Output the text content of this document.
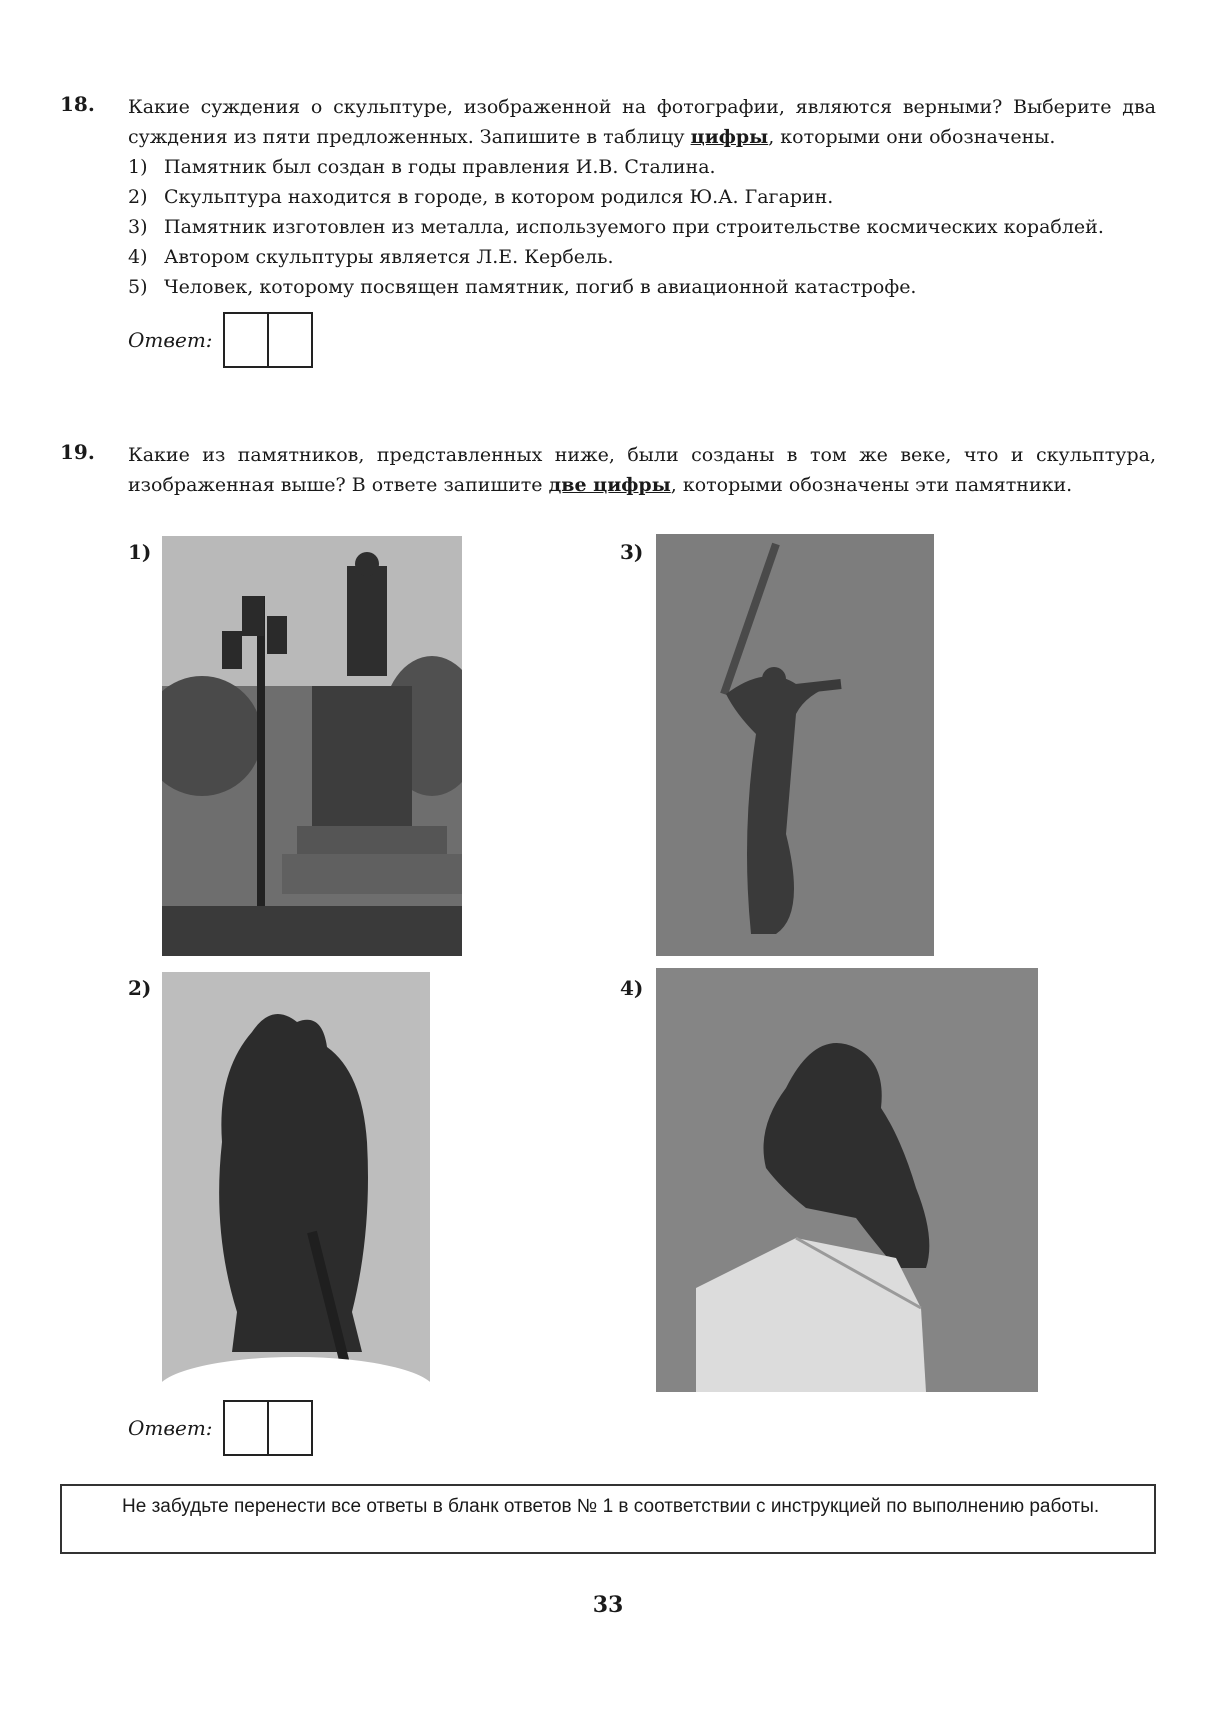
18. Какие суждения о скульптуре, изображенной на фотографии, являются верными? Выберите два суждения из пяти предложенных. Запишите в таблицу цифры, которыми они обозначены.
1) Памятник был создан в годы правления И.В. Сталина.
2) Скульптура находится в городе, в котором родился Ю.А. Гагарин.
3) Памятник изготовлен из металла, используемого при строительстве космических кораблей.
4) Автором скульптуры является Л.Е. Кербель.
5) Человек, которому посвящен памятник, погиб в авиационной катастрофе.
Ответ:
19. Какие из памятников, представленных ниже, были созданы в том же веке, что и скульптура, изображенная выше? В ответе запишите две цифры, которыми обозначены эти памятники.
1)	3)
2)	4)
Ответ:
Не забудьте перенести все ответы в бланк ответов № 1 в соответствии с инструкцией по выполнению работы.
33
